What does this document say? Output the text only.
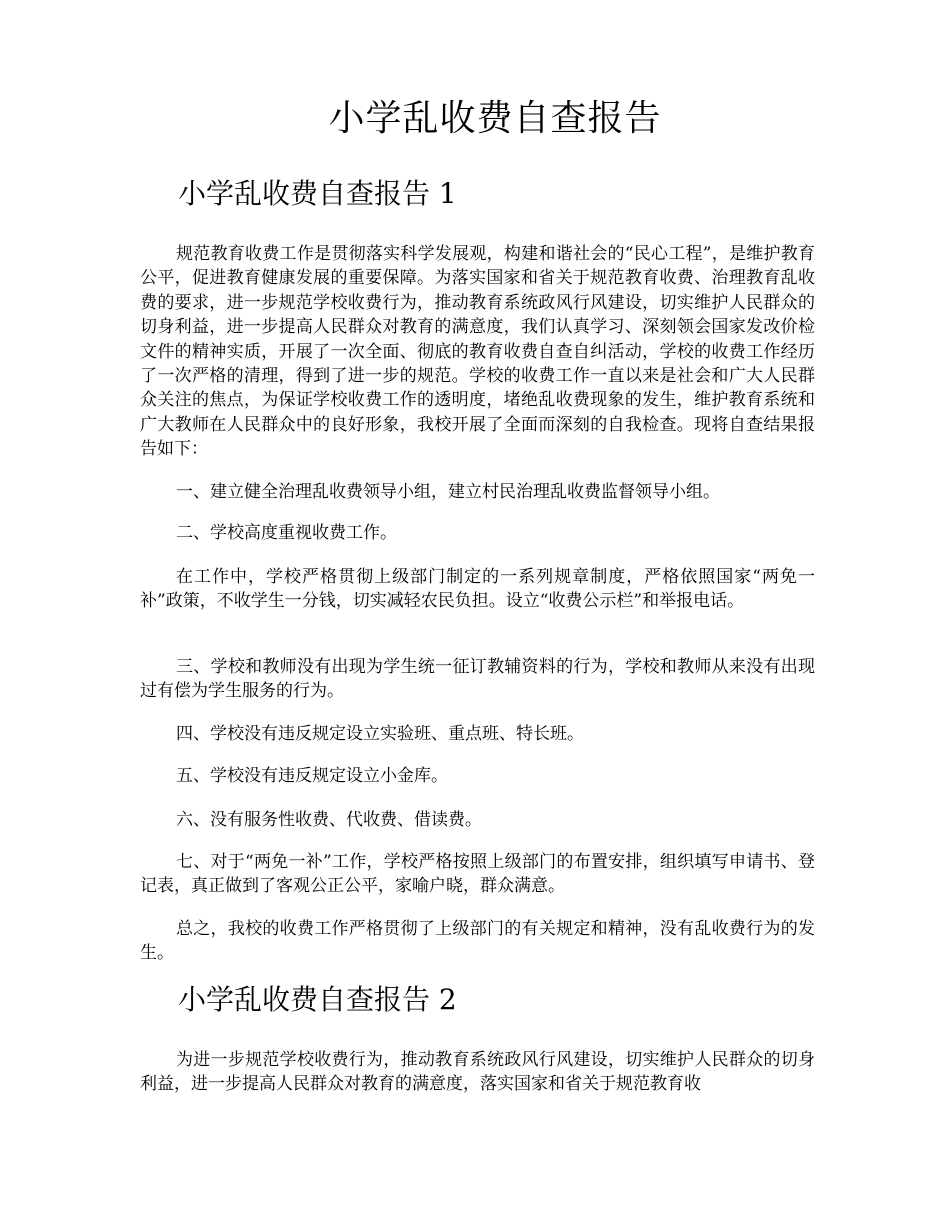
小学乱收费自查报告
小学乱收费自查报告 1

规范教育收费工作是贯彻落实科学发展观，构建和谐社会的“民心工程”，是维护教育公平，促进教育健康发展的重要保障。为落实国家和省关于规范教育收费、治理教育乱收费的要求，进一步规范学校收费行为，推动教育系统政风行风建设，切实维护人民群众的切身利益，进一步提高人民群众对教育的满意度，我们认真学习、深刻领会国家发改价检文件的精神实质，开展了一次全面、彻底的教育收费自查自纠活动，学校的收费工作经历了一次严格的清理，得到了进一步的规范。学校的收费工作一直以来是社会和广大人民群众关注的焦点，为保证学校收费工作的透明度，堵绝乱收费现象的发生，维护教育系统和广大教师在人民群众中的良好形象，我校开展了全面而深刻的自我检查。现将自查结果报告如下：

一、建立健全治理乱收费领导小组，建立村民治理乱收费监督领导小组。

二、学校高度重视收费工作。

在工作中，学校严格贯彻上级部门制定的一系列规章制度，严格依照国家“两免一补”政策，不收学生一分钱，切实减轻农民负担。设立“收费公示栏”和举报电话。

三、学校和教师没有出现为学生统一征订教辅资料的行为，学校和教师从来没有出现过有偿为学生服务的行为。

四、学校没有违反规定设立实验班、重点班、特长班。

五、学校没有违反规定设立小金库。

六、没有服务性收费、代收费、借读费。

七、对于“两免一补”工作，学校严格按照上级部门的布置安排，组织填写申请书、登记表，真正做到了客观公正公平，家喻户晓，群众满意。

总之，我校的收费工作严格贯彻了上级部门的有关规定和精神，没有乱收费行为的发生。

小学乱收费自查报告 2

为进一步规范学校收费行为，推动教育系统政风行风建设，切实维护人民群众的切身利益，进一步提高人民群众对教育的满意度，落实国家和省关于规范教育收
